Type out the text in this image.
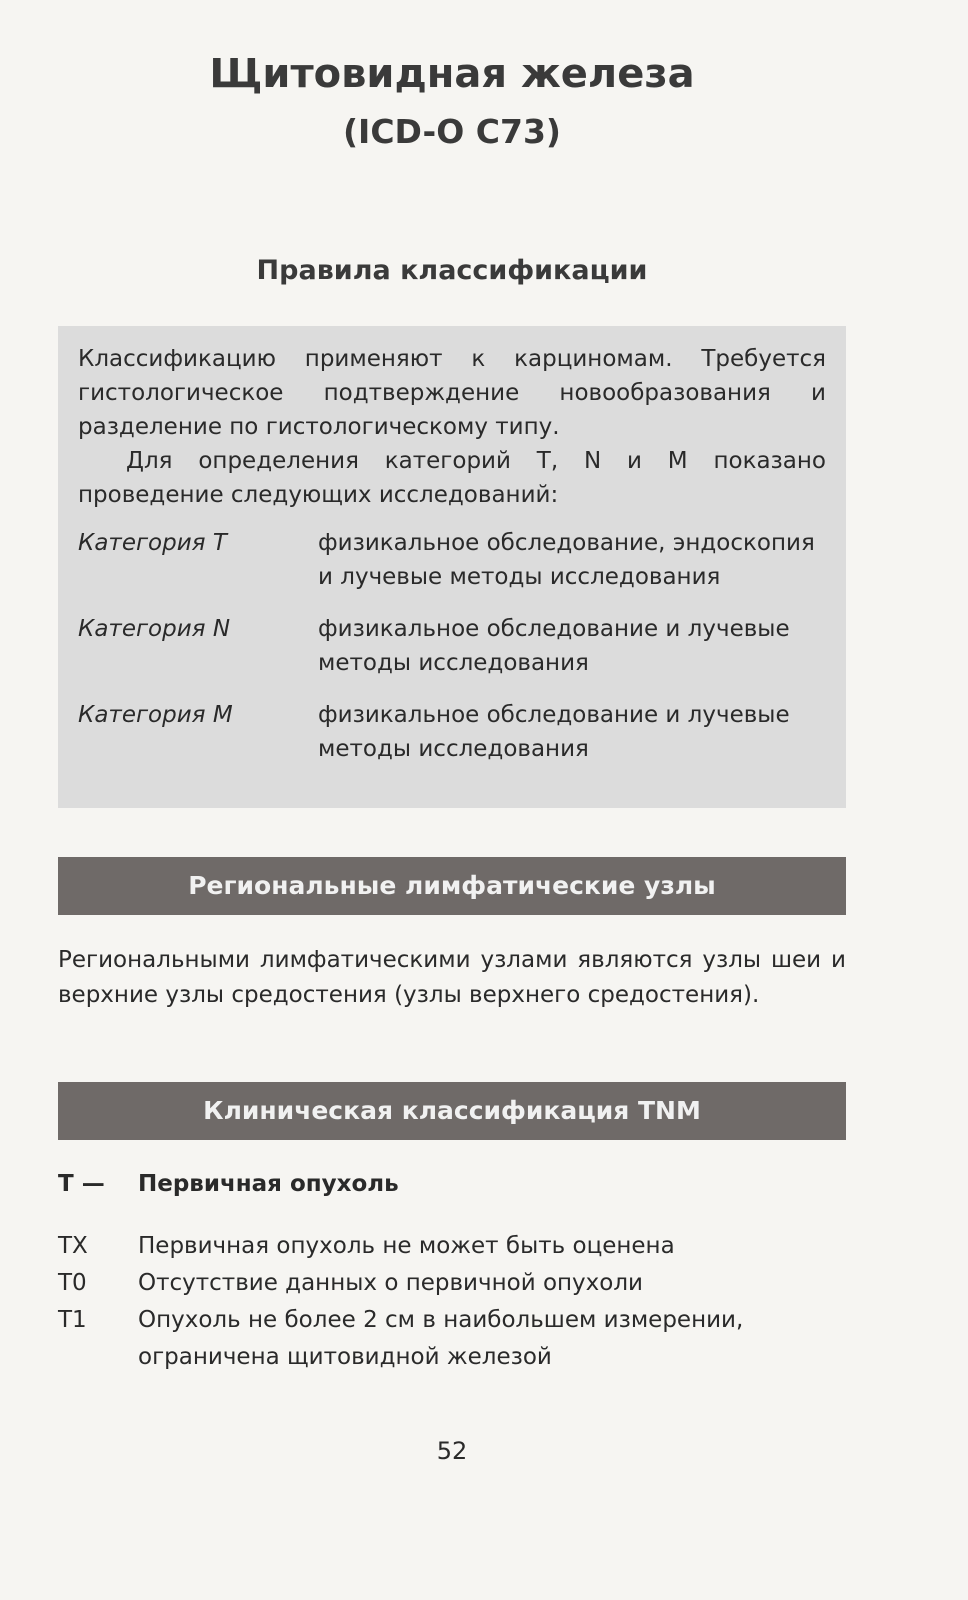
Щитовидная железа
(ICD-O C73)
Правила классификации

Классификацию применяют к карциномам. Требуется гистологическое подтверждение новообразования и разделение по гистологическому типу.

Для определения категорий T, N и M показано проведение следующих исследований:

Категория T	физикальное обследование, эндоскопия и лучевые методы исследования
Категория N	физикальное обследование и лучевые методы исследования
Категория M	физикальное обследование и лучевые методы исследования
Региональные лимфатические узлы

Регионaльными лимфатическими узлами являются узлы шеи и верхние узлы средостения (узлы верхнего средостения).

Клиническая классификация TNM
T — Первичная опухоль
TX	Первичная опухоль не может быть оценена
T0	Отсутствие данных о первичной опухоли
T1	Опухоль не более 2 см в наибольшем измерении, ограничена щитовидной железой
52
